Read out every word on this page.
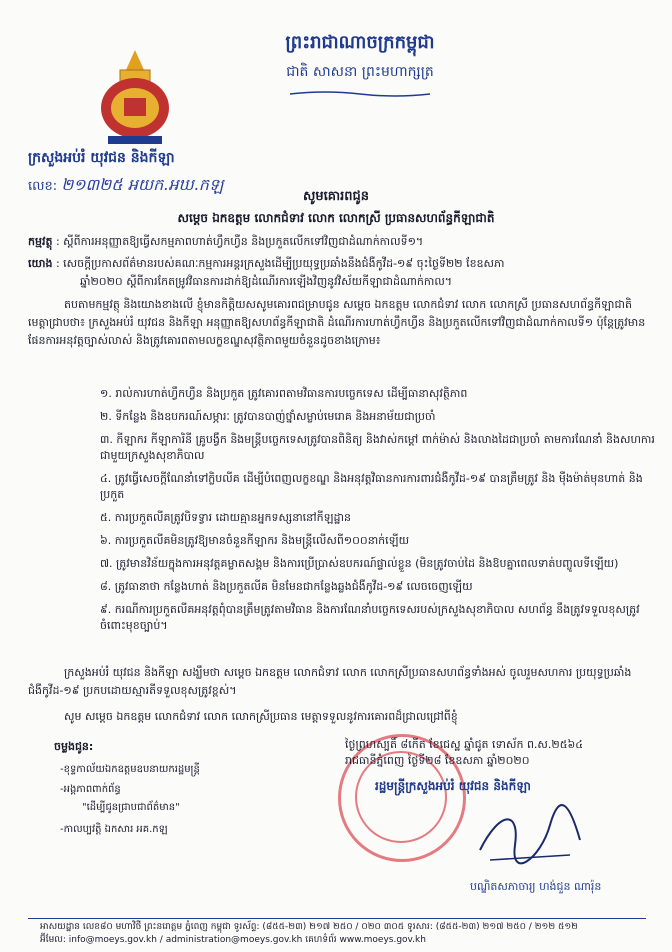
ព្រះរាជាណាចក្រកម្ពុជា
ជាតិ សាសនា ព្រះមហាក្សត្រ
ក្រសួងអប់រំ យុវជន និងកីឡា
លេខ: ២១៣២៥ អយក.អឃ.កឡ
សូមគោរពជូន
សម្តេច ឯកឧត្តម លោកជំទាវ លោក លោកស្រី ប្រធានសហព័ន្ធកីឡាជាតិ
កម្មវត្ថុ : ស្តីពីការអនុញ្ញាតឱ្យធ្វើសកម្មភាពហាត់ហ្វឹកហ្វឺន និងប្រកួតលើកទៅវិញជាដំណាក់កាលទី១។
យោង : សេចក្តីប្រកាសព័ត៌មានរបស់គណៈកម្មការអន្តរក្រសួងដើម្បីប្រយុទ្ធប្រឆាំងនឹងជំងឺកូវីដ-១៩ ចុះថ្ងៃទី២២ ខែឧសភា
ឆ្នាំ២០២០ ស្តីពីការកែតម្រូវវិធានការដាក់ឱ្យដំណើរការឡើងវិញនូវវិស័យកីឡាជាដំណាក់កាល។
តបតាមកម្មវត្ថុ និងយោងខាងលើ ខ្ញុំមានកិត្តិយសសូមគោរពជម្រាបជូន សម្តេច ឯកឧត្តម លោកជំទាវ លោក លោកស្រី ប្រធានសហព័ន្ធកីឡាជាតិ មេត្តាជ្រាបថា៖ ក្រសួងអប់រំ យុវជន និងកីឡា អនុញ្ញាតឱ្យសហព័ន្ធកីឡាជាតិ ដំណើរការហាត់ហ្វឹកហ្វឺន និងប្រកួតលើកទៅវិញជាដំណាក់កាលទី១ ប៉ុន្តែត្រូវមានផែនការអនុវត្តច្បាស់លាស់ និងត្រូវគោរពតាមលក្ខខណ្ឌសុវត្ថិភាពមួយចំនួនដូចខាងក្រោម៖
១. រាល់ការហាត់ហ្វឹកហ្វឺន និងប្រកួត ត្រូវគោរពតាមវិធានការបច្ចេកទេស ដើម្បីធានាសុវត្ថិភាព
២. ទីកន្លែង និងឧបករណ៍សម្ភារៈ ត្រូវបានបាញ់ថ្នាំសម្លាប់មេរោគ និងអនាម័យជាប្រចាំ
៣. កីឡាករ កីឡាការិនី គ្រូបង្វឹក និងមន្ត្រីបច្ចេកទេសត្រូវបានពិនិត្យ និងវាស់កម្តៅ ពាក់ម៉ាស់ និងលាងដៃជាប្រចាំ តាមការណែនាំ និងសហការជាមួយក្រសួងសុខាភិបាល
៤. ត្រូវធ្វើសេចក្តីណែនាំទៅក្លិបលីគ ដើម្បីបំពេញលក្ខខណ្ឌ និងអនុវត្តវិធានការការពារជំងឺកូវីដ-១៩ បានត្រឹមត្រូវ និង ម៉ឺងម៉ាត់មុនហាត់ និងប្រកួត
៥. ការប្រកួតលីគត្រូវបិទទ្វារ ដោយគ្មានអ្នកទស្សនានៅកីឡដ្ឋាន
៦. ការប្រកួតលីគមិនត្រូវឱ្យមានចំនួនកីឡាករ និងមន្ត្រីលើសពី១០០នាក់ឡើយ
៧. ត្រូវមានវិន័យក្នុងការអនុវត្តគម្លាតសង្គម និងការប្រើប្រាស់ឧបករណ៍ផ្ទាល់ខ្លួន (មិនត្រូវចាប់ដៃ និងឱបគ្នាពេលទាត់បញ្ចូលទីឡើយ)
៨. ត្រូវធានាថា កន្លែងហាត់ និងប្រកួតលីគ មិនមែនជាកន្លែងឆ្លងជំងឺកូវីដ-១៩ លេចចេញឡើយ
៩. ករណីការប្រកួតលីគអនុវត្តពុំបានត្រឹមត្រូវតាមវិធាន និងការណែនាំបច្ចេកទេសរបស់ក្រសួងសុខាភិបាល សហព័ន្ធ នឹងត្រូវទទួលខុសត្រូវចំពោះមុខច្បាប់។
ក្រសួងអប់រំ យុវជន និងកីឡា សង្ឃឹមថា សម្តេច ឯកឧត្តម លោកជំទាវ លោក លោកស្រីប្រធានសហព័ន្ធទាំងអស់ ចូលរួមសហការ ប្រយុទ្ធប្រឆាំងជំងឺកូវីដ-១៩ ប្រកបដោយស្មារតីទទួលខុសត្រូវខ្ពស់។
សូម សម្តេច ឯកឧត្តម លោកជំទាវ លោក លោកស្រីប្រធាន មេត្តាទទួលនូវការគោរពដ៏ជ្រាលជ្រៅពីខ្ញុំ
ថ្ងៃព្រហស្បតិ៍ ៨កើត ខែជេស្ឋ ឆ្នាំជូត ទោស័ក ព.ស.២៥៦៤
រាជធានីភ្នំពេញ ថ្ងៃទី២៨ ខែឧសភា ឆ្នាំ២០២០
រដ្ឋមន្ត្រីក្រសួងអប់រំ យុវជន និងកីឡា
បណ្ឌិតសភាចារ្យ ហង់ជួន ណារ៉ុន
ចម្លងជូន:
-ខុទ្ទកាល័យឯកឧត្តមឧបនាយករដ្ឋមន្ត្រី
-អង្គភាពពាក់ព័ន្ធ
"ដើម្បីជូនជ្រាបជាព័ត៌មាន"
-កាលប្បវត្តិ ឯកសារ អគ.កឡ
អាសយដ្ឋាន លេខ៨០ មហាវិថី ព្រះនរោត្តម ភ្នំពេញ កម្ពុជា ទូរស័ព្ទ: (៨៥៥-២៣) ២១៧ ២៥០ / ០២០ ៣០៥ ទូរសារ: (៨៥៥-២៣) ២១៧ ២៥០ / ២១២ ៥១២
អ៊ីមែល: info@moeys.gov.kh / administration@moeys.gov.kh គេហទំព័រ www.moeys.gov.kh
